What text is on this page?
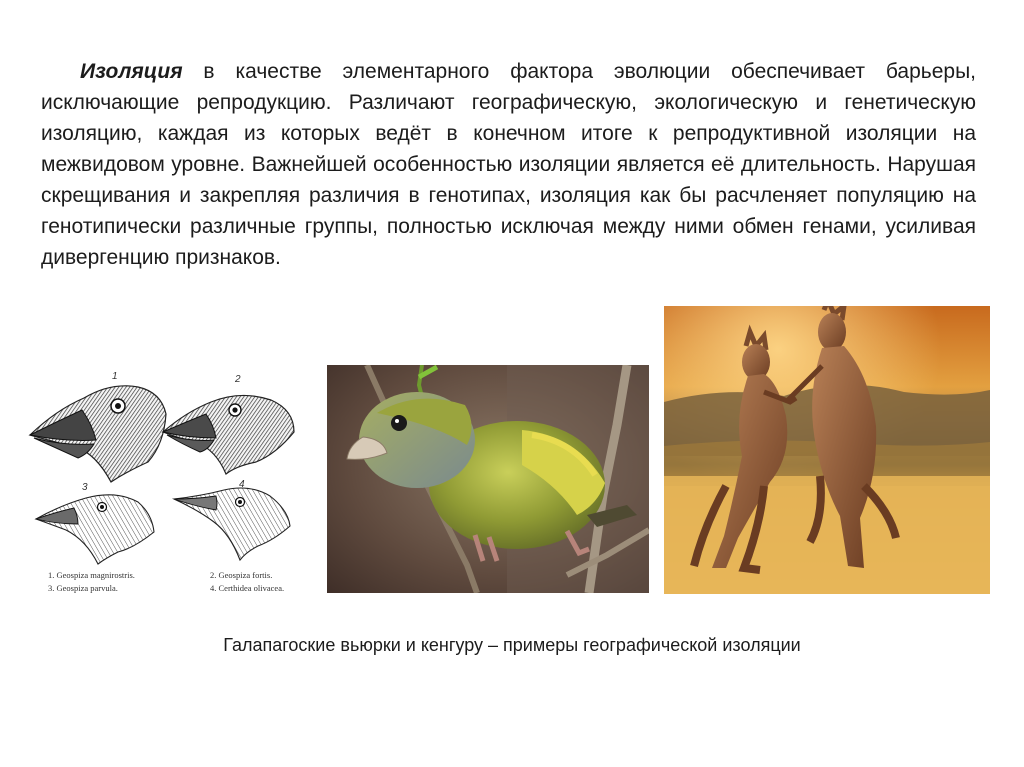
Изоляция в качестве элементарного фактора эволюции обеспечивает барьеры, исключающие репродукцию. Различают географическую, экологическую и генетическую изоляцию, каждая из которых ведёт в конечном итоге к репродуктивной изоляции на межвидовом уровне. Важнейшей особенностью изоляции является её длительность. Нарушая скрещивания и закрепляя различия в генотипах, изоляция как бы расчленяет популяцию на генотипически различные группы, полностью исключая между ними обмен генами, усиливая дивергенцию признаков.

1	2
3	4
1. Geospiza magnirostris.	2. Geospiza fortis.
3. Geospiza parvula.	4. Certhidea olivacea.
Галапагоские вьюрки и кенгуру – примеры географической изоляции
